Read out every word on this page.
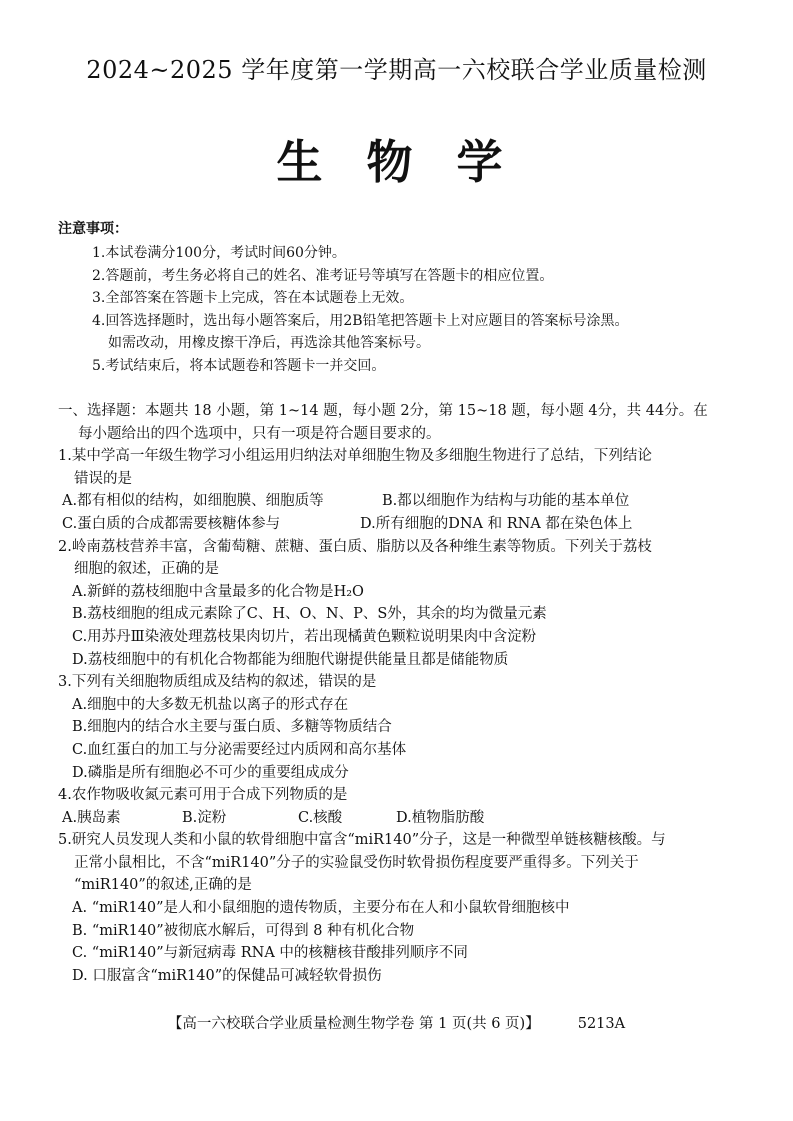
2024~2025 学年度第一学期高一六校联合学业质量检测
生 物 学
注意事项：
1.本试卷满分100分，考试时间60分钟。
2.答题前，考生务必将自己的姓名、准考证号等填写在答题卡的相应位置。
3.全部答案在答题卡上完成，答在本试题卷上无效。
4.回答选择题时，选出每小题答案后，用2B铅笔把答题卡上对应题目的答案标号涂黑。
如需改动，用橡皮擦干净后，再选涂其他答案标号。
5.考试结束后，将本试题卷和答题卡一并交回。
一、选择题：本题共 18 小题，第 1~14 题，每小题 2分，第 15~18 题，每小题 4分，共 44分。在
每小题给出的四个选项中，只有一项是符合题目要求的。
1.某中学高一年级生物学习小组运用归纳法对单细胞生物及多细胞生物进行了总结，下列结论
错误的是
A.都有相似的结构，如细胞膜、细胞质等	B.都以细胞作为结构与功能的基本单位
C.蛋白质的合成都需要核糖体参与	D.所有细胞的DNA 和 RNA 都在染色体上
2.岭南荔枝营养丰富，含葡萄糖、蔗糖、蛋白质、脂肪以及各种维生素等物质。下列关于荔枝
细胞的叙述，正确的是
A.新鲜的荔枝细胞中含量最多的化合物是H₂O
B.荔枝细胞的组成元素除了C、H、O、N、P、S外，其余的均为微量元素
C.用苏丹Ⅲ染液处理荔枝果肉切片，若出现橘黄色颗粒说明果肉中含淀粉
D.荔枝细胞中的有机化合物都能为细胞代谢提供能量且都是储能物质
3.下列有关细胞物质组成及结构的叙述，错误的是
A.细胞中的大多数无机盐以离子的形式存在
B.细胞内的结合水主要与蛋白质、多糖等物质结合
C.血红蛋白的加工与分泌需要经过内质网和高尔基体
D.磷脂是所有细胞必不可少的重要组成成分
4.农作物吸收氮元素可用于合成下列物质的是
A.胰岛素	B.淀粉	C.核酸	D.植物脂肪酸
5.研究人员发现人类和小鼠的软骨细胞中富含“miR140”分子，这是一种微型单链核糖核酸。与
正常小鼠相比，不含“miR140”分子的实验鼠受伤时软骨损伤程度要严重得多。下列关于
“miR140”的叙述,正确的是
A. “miR140”是人和小鼠细胞的遗传物质，主要分布在人和小鼠软骨细胞核中
B. “miR140”被彻底水解后，可得到 8 种有机化合物
C. “miR140”与新冠病毒 RNA 中的核糖核苷酸排列顺序不同
D. 口服富含“miR140”的保健品可减轻软骨损伤
【高一六校联合学业质量检测生物学卷 第 1 页(共 6 页)】	5213A
